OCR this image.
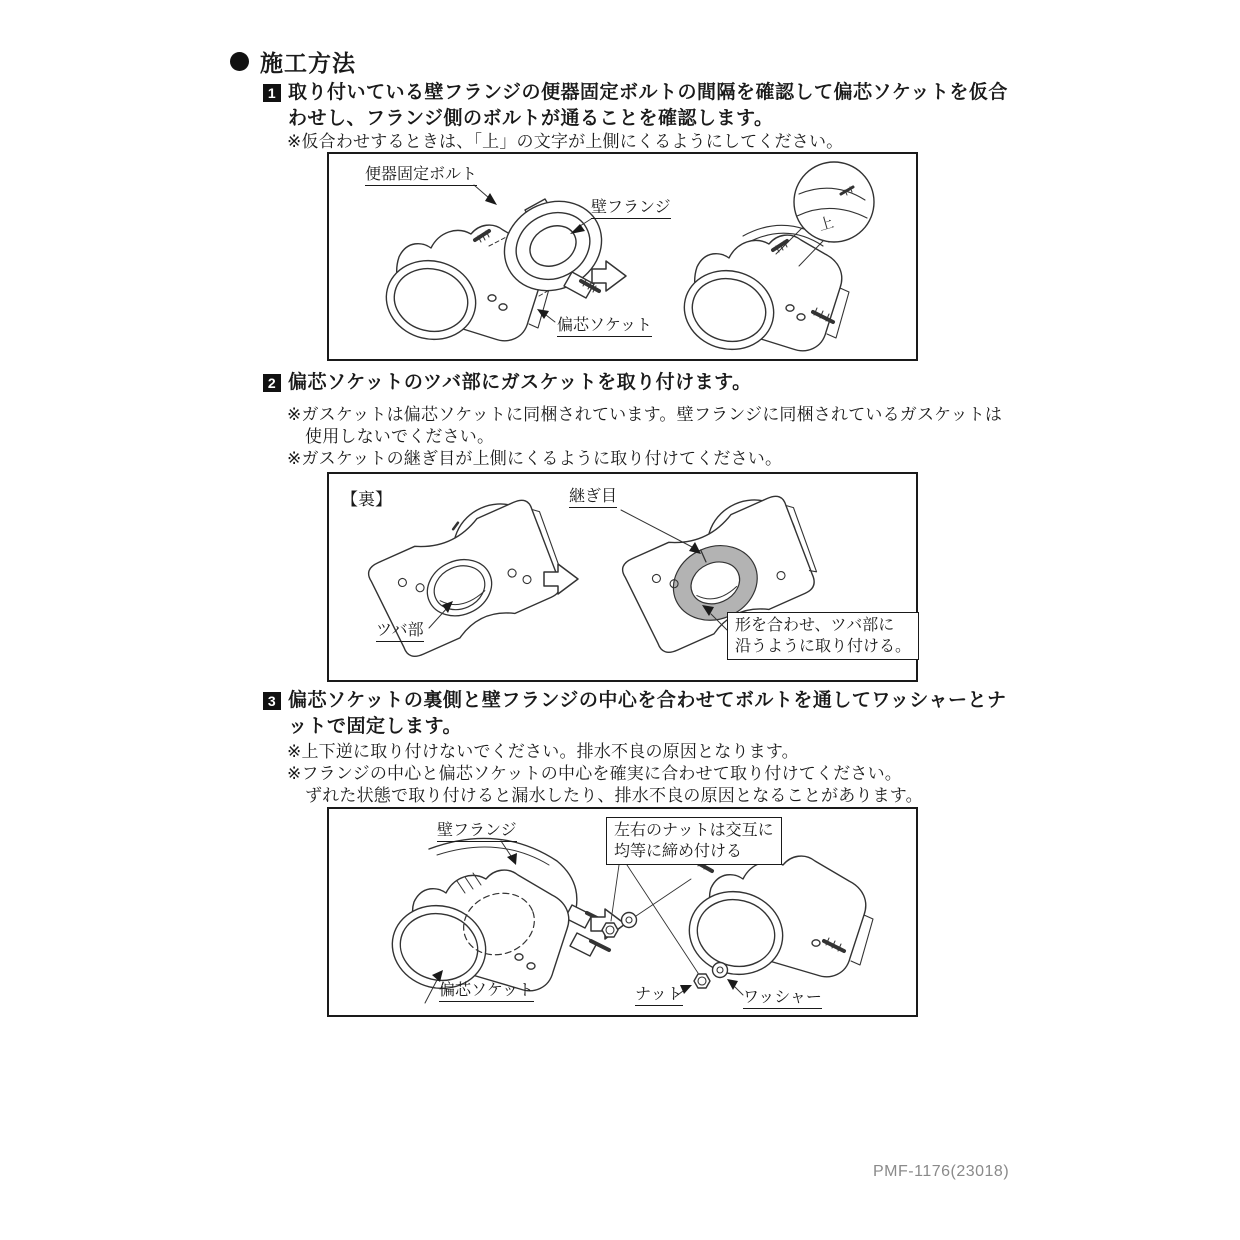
施工方法
1 取り付いている壁フランジの便器固定ボルトの間隔を確認して偏芯ソケットを仮合わせし、フランジ側のボルトが通ることを確認します。
※仮合わせするときは、「上」の文字が上側にくるようにしてください。
上
便器固定ボルト
壁フランジ
偏芯ソケット
2 偏芯ソケットのツバ部にガスケットを取り付けます。
※ガスケットは偏芯ソケットに同梱されています。壁フランジに同梱されているガスケットは使用しないでください。
※ガスケットの継ぎ目が上側にくるように取り付けてください。
【裏】	継ぎ目
ツバ部	形を合わせ、ツバ部に
沿うように取り付ける。
3 偏芯ソケットの裏側と壁フランジの中心を合わせてボルトを通してワッシャーとナットで固定します。
※上下逆に取り付けないでください。排水不良の原因となります。
※フランジの中心と偏芯ソケットの中心を確実に合わせて取り付けてください。
ずれた状態で取り付けると漏水したり、排水不良の原因となることがあります。
壁フランジ	左右のナットは交互に
均等に締め付ける
偏芯ソケット	ナット	ワッシャー
PMF-1176(23018)
